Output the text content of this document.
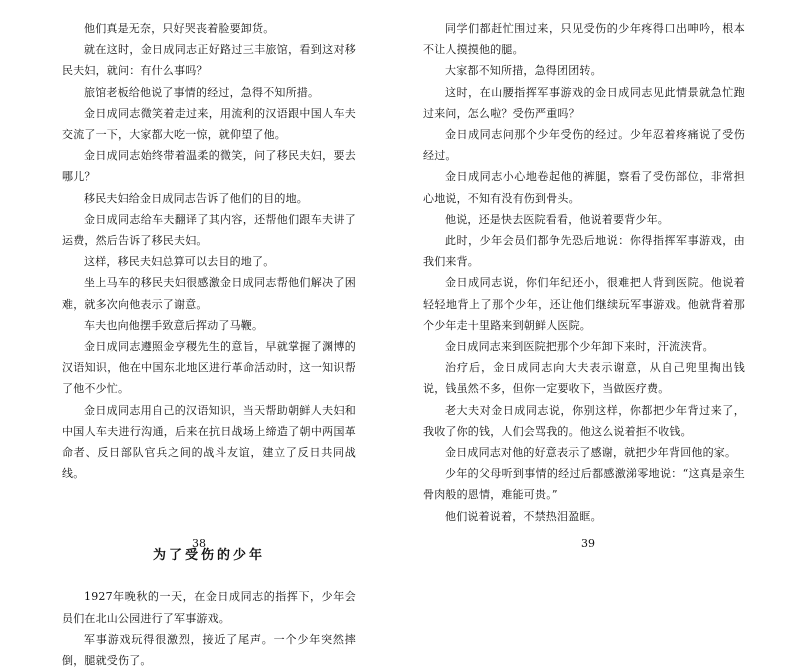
他们真是无奈，只好哭丧着脸要卸货。

就在这时，金日成同志正好路过三丰旅馆，看到这对移民夫妇，就问：有什么事吗？

旅馆老板给他说了事情的经过，急得不知所措。

金日成同志微笑着走过来，用流利的汉语跟中国人车夫交流了一下，大家都大吃一惊，就仰望了他。

金日成同志始终带着温柔的微笑，问了移民夫妇，要去哪儿？

移民夫妇给金日成同志告诉了他们的目的地。

金日成同志给车夫翻译了其内容，还帮他们跟车夫讲了运费，然后告诉了移民夫妇。

这样，移民夫妇总算可以去目的地了。

坐上马车的移民夫妇很感激金日成同志帮他们解决了困难，就多次向他表示了谢意。

车夫也向他摆手致意后挥动了马鞭。

金日成同志遵照金亨稷先生的意旨，早就掌握了渊博的汉语知识，他在中国东北地区进行革命活动时，这一知识帮了他不少忙。

金日成同志用自己的汉语知识，当天帮助朝鲜人夫妇和中国人车夫进行沟通，后来在抗日战场上缔造了朝中两国革命者、反日部队官兵之间的战斗友谊，建立了反日共同战线。

为了受伤的少年

1927年晚秋的一天，在金日成同志的指挥下，少年会员们在北山公园进行了军事游戏。

军事游戏玩得很激烈，接近了尾声。一个少年突然摔倒，腿就受伤了。

38

同学们都赶忙围过来，只见受伤的少年疼得口出呻吟，根本不让人摸摸他的腿。

大家都不知所措，急得团团转。

这时，在山腰指挥军事游戏的金日成同志见此情景就急忙跑过来问，怎么啦？受伤严重吗？

金日成同志问那个少年受伤的经过。少年忍着疼痛说了受伤经过。

金日成同志小心地卷起他的裤腿，察看了受伤部位，非常担心地说，不知有没有伤到骨头。

他说，还是快去医院看看，他说着要背少年。

此时，少年会员们都争先恐后地说：你得指挥军事游戏，由我们来背。

金日成同志说，你们年纪还小，很难把人背到医院。他说着轻轻地背上了那个少年，还让他们继续玩军事游戏。他就背着那个少年走十里路来到朝鲜人医院。

金日成同志来到医院把那个少年卸下来时，汗流浃背。

治疗后，金日成同志向大夫表示谢意，从自己兜里掏出钱说，钱虽然不多，但你一定要收下，当做医疗费。

老大夫对金日成同志说，你别这样，你都把少年背过来了，我收了你的钱，人们会骂我的。他这么说着拒不收钱。

金日成同志对他的好意表示了感谢，就把少年背回他的家。

少年的父母听到事情的经过后都感激涕零地说：“这真是亲生骨肉般的恩情，难能可贵。”

他们说着说着，不禁热泪盈眶。

39
